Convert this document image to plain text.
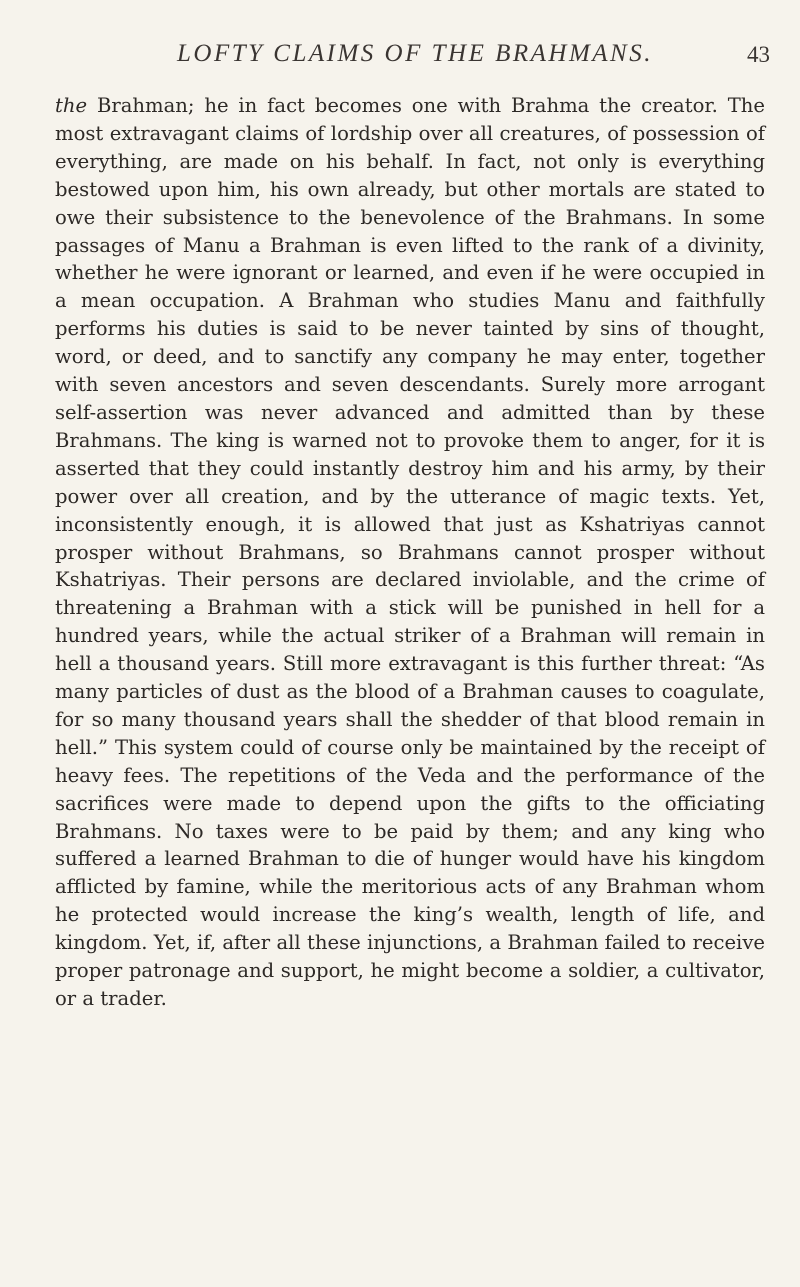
LOFTY CLAIMS OF THE BRAHMANS.	43

the Brahman; he in fact becomes one with Brahma the creator. The most extravagant claims of lordship over all creatures, of possession of everything, are made on his behalf. In fact, not only is everything bestowed upon him, his own already, but other mortals are stated to owe their subsistence to the benevolence of the Brahmans. In some passages of Manu a Brahman is even lifted to the rank of a divinity, whether he were ignorant or learned, and even if he were occupied in a mean occupation. A Brahman who studies Manu and faithfully performs his duties is said to be never tainted by sins of thought, word, or deed, and to sanctify any company he may enter, together with seven ancestors and seven descendants. Surely more arrogant self-assertion was never advanced and admitted than by these Brahmans. The king is warned not to provoke them to anger, for it is asserted that they could instantly destroy him and his army, by their power over all creation, and by the utterance of magic texts. Yet, inconsistently enough, it is allowed that just as Kshatriyas cannot prosper without Brahmans, so Brahmans cannot prosper without Kshatriyas. Their persons are declared inviolable, and the crime of threatening a Brahman with a stick will be punished in hell for a hundred years, while the actual striker of a Brahman will remain in hell a thousand years. Still more extravagant is this further threat: “As many particles of dust as the blood of a Brahman causes to coagulate, for so many thousand years shall the shedder of that blood remain in hell.” This system could of course only be maintained by the receipt of heavy fees. The repetitions of the Veda and the performance of the sacrifices were made to depend upon the gifts to the officiating Brahmans. No taxes were to be paid by them; and any king who suffered a learned Brahman to die of hunger would have his kingdom afflicted by famine, while the meritorious acts of any Brahman whom he protected would increase the king’s wealth, length of life, and kingdom. Yet, if, after all these injunctions, a Brahman failed to receive proper patronage and support, he might become a soldier, a cultivator, or a trader.
